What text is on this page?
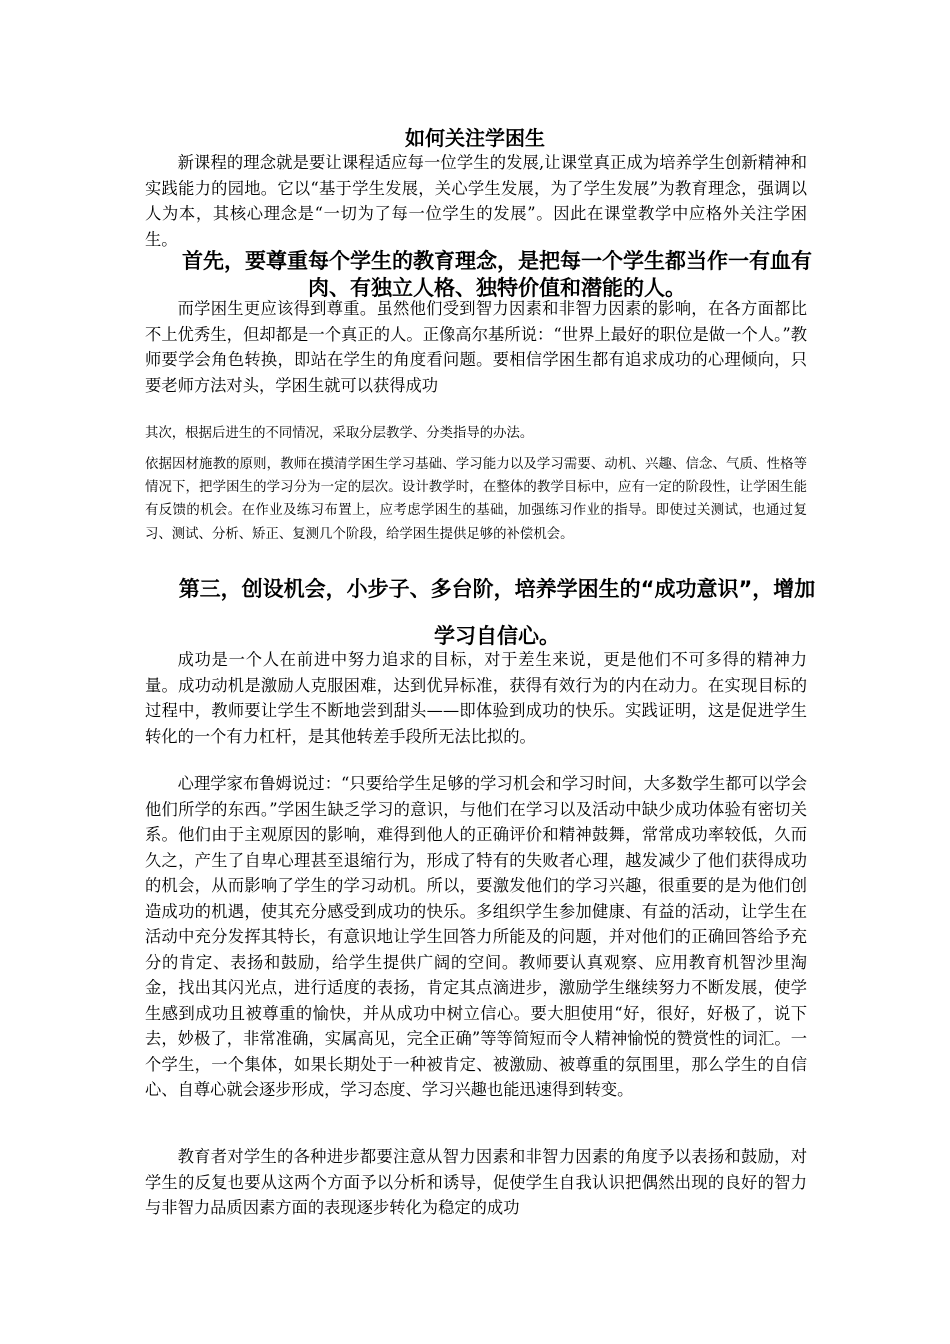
如何关注学困生

新课程的理念就是要让课程适应每一位学生的发展,让课堂真正成为培养学生创新精神和实践能力的园地。它以“基于学生发展，关心学生发展，为了学生发展”为教育理念，强调以人为本，其核心理念是“一切为了每一位学生的发展”。因此在课堂教学中应格外关注学困生。

首先，要尊重每个学生的教育理念，是把每一个学生都当作一有血有肉、有独立人格、独特价值和潜能的人。

而学困生更应该得到尊重。虽然他们受到智力因素和非智力因素的影响，在各方面都比不上优秀生，但却都是一个真正的人。正像高尔基所说：“世界上最好的职位是做一个人。”教师要学会角色转换，即站在学生的角度看问题。要相信学困生都有追求成功的心理倾向，只要老师方法对头，学困生就可以获得成功

其次，根据后进生的不同情况，采取分层教学、分类指导的办法。

依据因材施教的原则，教师在摸清学困生学习基础、学习能力以及学习需要、动机、兴趣、信念、气质、性格等情况下，把学困生的学习分为一定的层次。设计教学时，在整体的教学目标中，应有一定的阶段性，让学困生能有反馈的机会。在作业及练习布置上，应考虑学困生的基础，加强练习作业的指导。即使过关测试，也通过复习、测试、分析、矫正、复测几个阶段，给学困生提供足够的补偿机会。

第三，创设机会，小步子、多台阶，培养学困生的“成功意识”，增加学习自信心。

成功是一个人在前进中努力追求的目标，对于差生来说，更是他们不可多得的精神力量。成功动机是激励人克服困难，达到优异标准，获得有效行为的内在动力。在实现目标的过程中，教师要让学生不断地尝到甜头——即体验到成功的快乐。实践证明，这是促进学生转化的一个有力杠杆，是其他转差手段所无法比拟的。

心理学家布鲁姆说过：“只要给学生足够的学习机会和学习时间，大多数学生都可以学会他们所学的东西。”学困生缺乏学习的意识，与他们在学习以及活动中缺少成功体验有密切关系。他们由于主观原因的影响，难得到他人的正确评价和精神鼓舞，常常成功率较低，久而久之，产生了自卑心理甚至退缩行为，形成了特有的失败者心理，越发减少了他们获得成功的机会，从而影响了学生的学习动机。所以，要激发他们的学习兴趣，很重要的是为他们创造成功的机遇，使其充分感受到成功的快乐。多组织学生参加健康、有益的活动，让学生在活动中充分发挥其特长，有意识地让学生回答力所能及的问题，并对他们的正确回答给予充分的肯定、表扬和鼓励，给学生提供广阔的空间。教师要认真观察、应用教育机智沙里淘金，找出其闪光点，进行适度的表扬，肯定其点滴进步，激励学生继续努力不断发展，使学生感到成功且被尊重的愉快，并从成功中树立信心。要大胆使用“好，很好，好极了，说下去，妙极了，非常准确，实属高见，完全正确”等等简短而令人精神愉悦的赞赏性的词汇。一个学生，一个集体，如果长期处于一种被肯定、被激励、被尊重的氛围里，那么学生的自信心、自尊心就会逐步形成，学习态度、学习兴趣也能迅速得到转变。

教育者对学生的各种进步都要注意从智力因素和非智力因素的角度予以表扬和鼓励，对学生的反复也要从这两个方面予以分析和诱导，促使学生自我认识把偶然出现的良好的智力与非智力品质因素方面的表现逐步转化为稳定的成功
